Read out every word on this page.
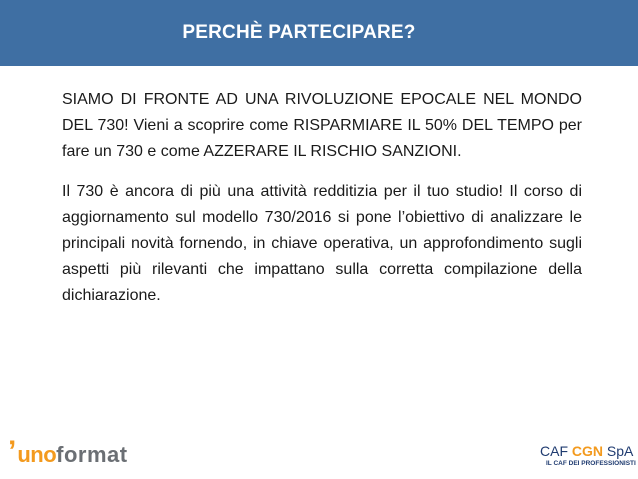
PERCHÈ PARTECIPARE?

SIAMO DI FRONTE AD UNA RIVOLUZIONE EPOCALE NEL MONDO DEL 730! Vieni a scoprire come RISPARMIARE IL 50% DEL TEMPO per fare un 730 e come AZZERARE IL RISCHIO SANZIONI.

Il 730 è ancora di più una attività redditizia per il tuo studio! Il corso di aggiornamento sul modello 730/2016 si pone l’obiettivo di analizzare le principali novità fornendo, in chiave operativa, un approfondimento sugli aspetti più rilevanti che impattano sulla corretta compilazione della dichiarazione.

’ uno format	CAF CGN SpA
IL CAF DEI PROFESSIONISTI
